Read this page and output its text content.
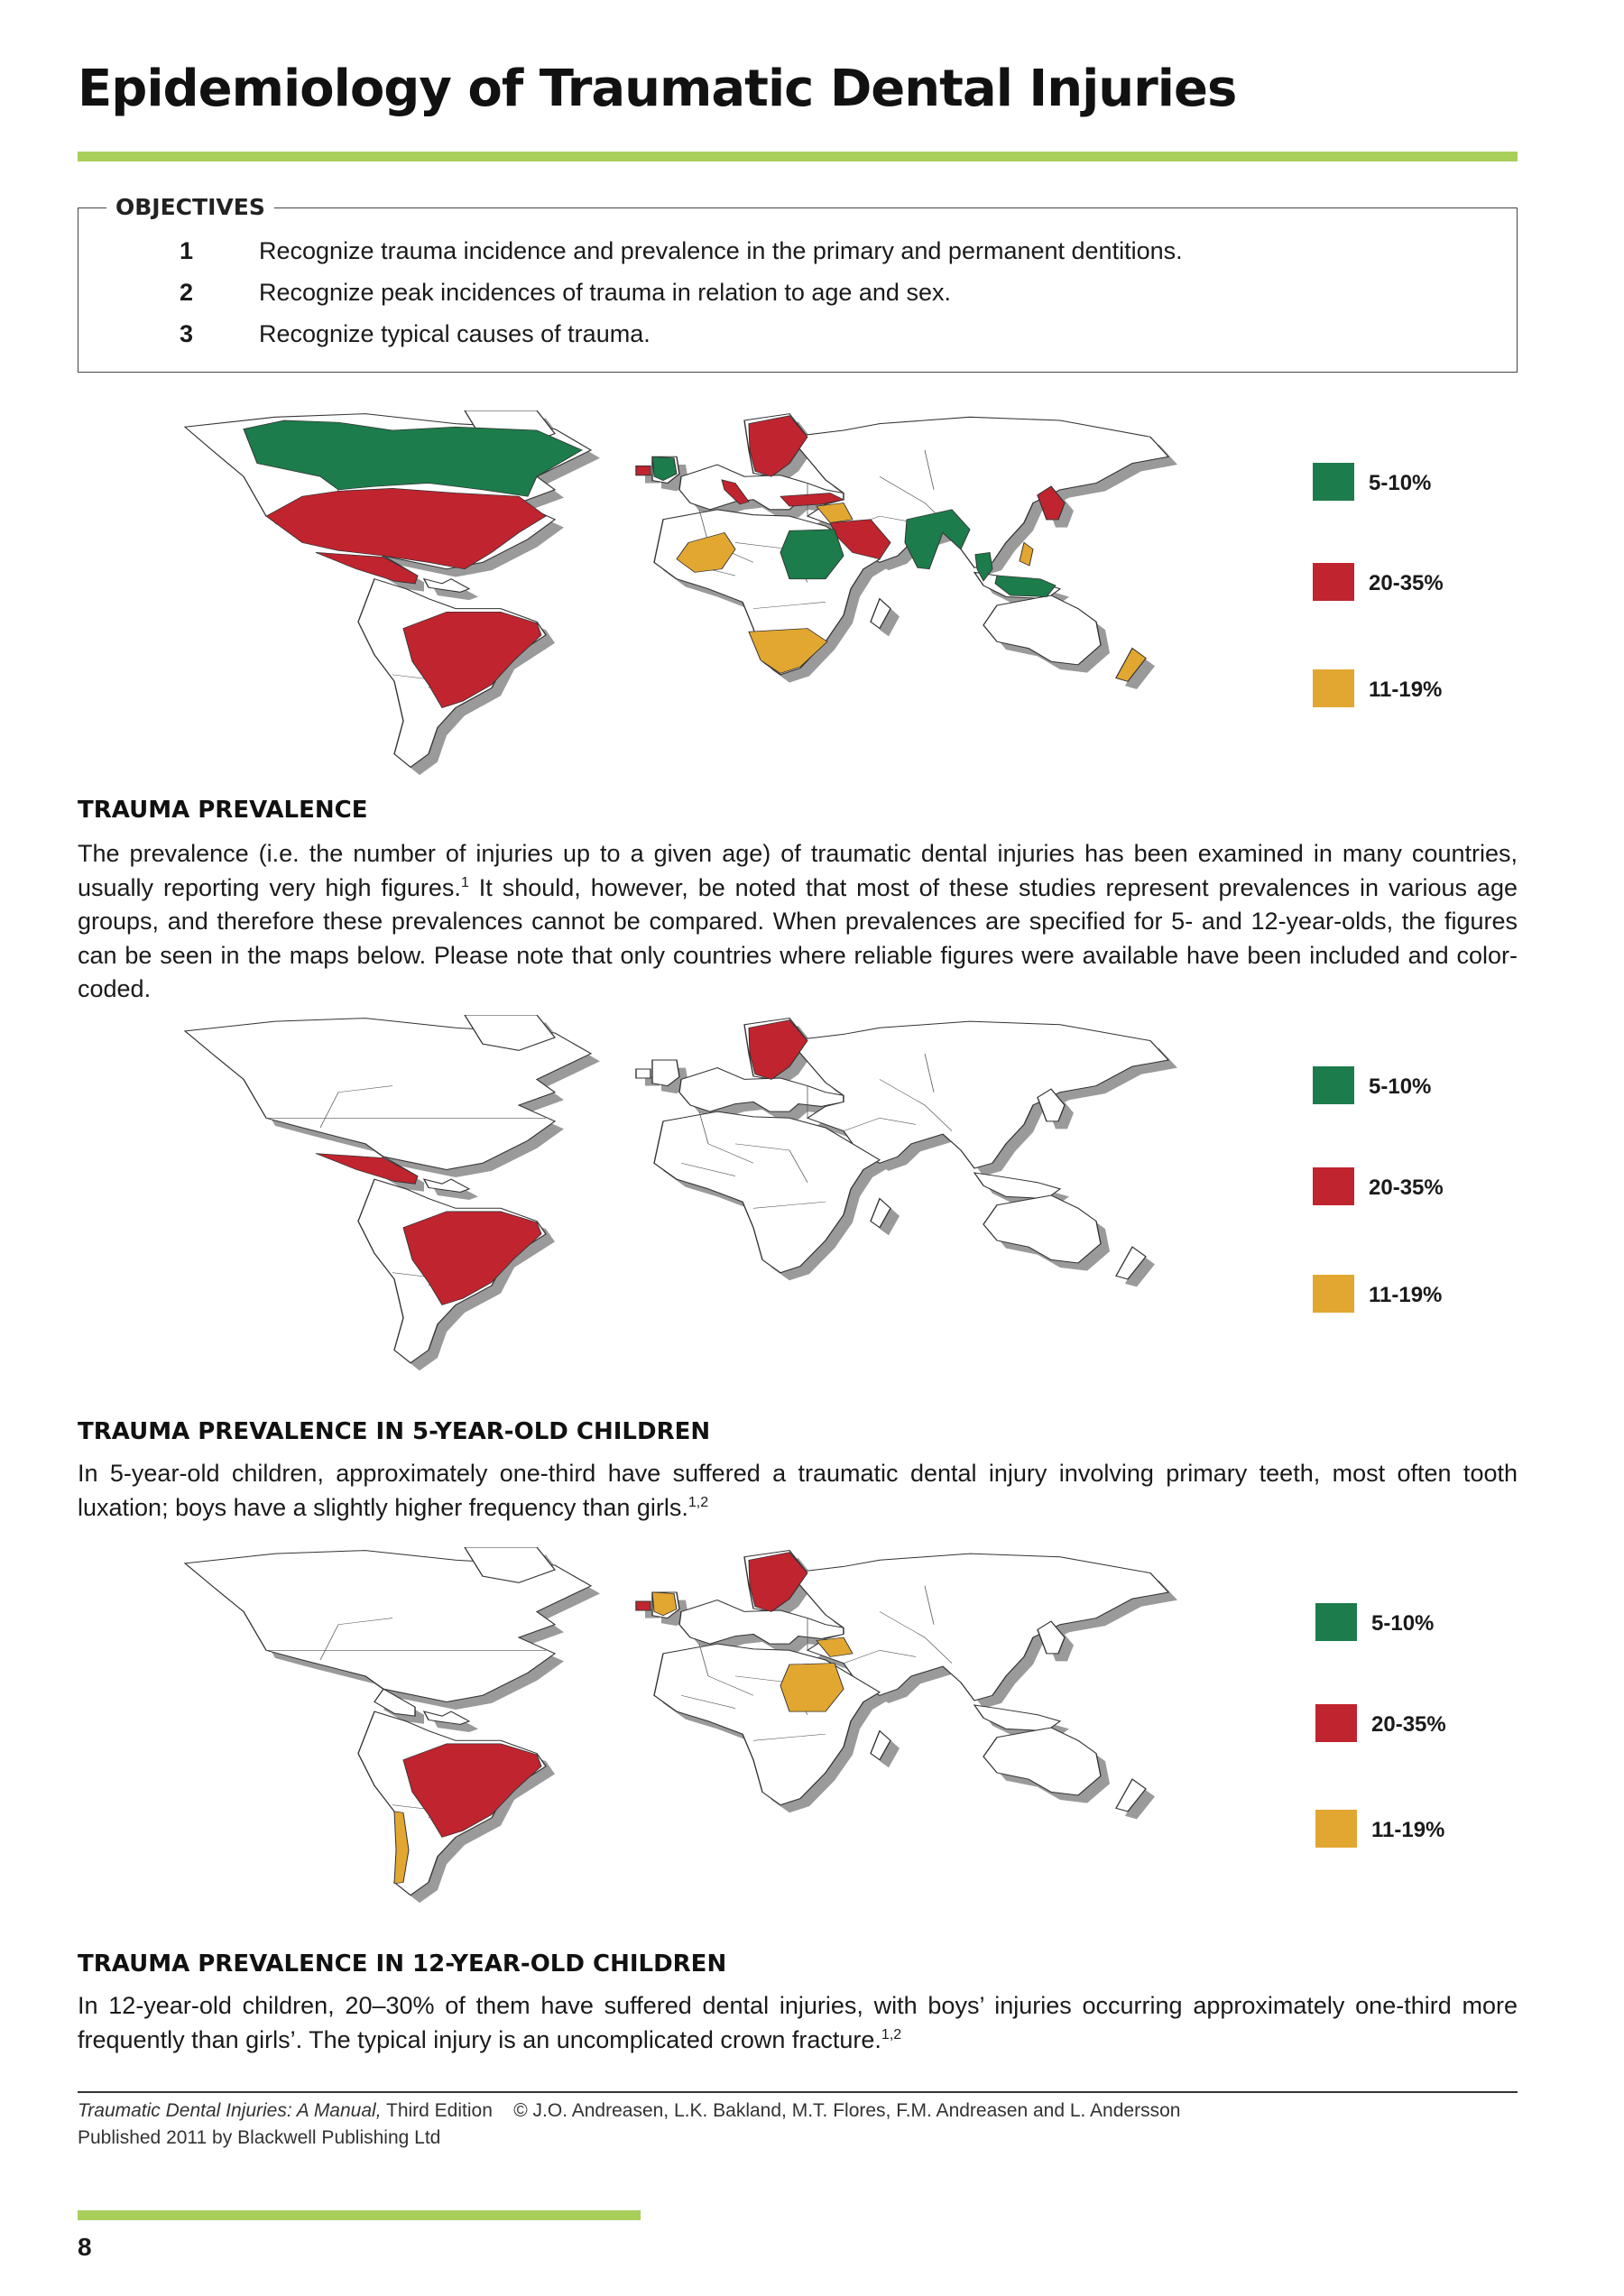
Epidemiology of Traumatic Dental Injuries
1	Recognize trauma incidence and prevalence in the primary and permanent dentitions.
2	Recognize peak incidences of trauma in relation to age and sex.
3	Recognize typical causes of trauma.
OBJECTIVES
5-10%
20-35%
11-19%
TRAUMA PREVALENCE

The prevalence (i.e. the number of injuries up to a given age) of traumatic dental injuries has been examined in many countries, usually reporting very high figures.$^1$ It should, however, be noted that most of these studies represent prevalences in various age groups, and therefore these prevalences cannot be compared. When prevalences are specified for 5- and 12-year-olds, the figures can be seen in the maps below. Please note that only countries where reliable figures were available have been included and color-coded.

5-10%
20-35%
11-19%
TRAUMA PREVALENCE IN 5-YEAR-OLD CHILDREN

In 5-year-old children, approximately one-third have suffered a traumatic dental injury involving primary teeth, most often tooth luxation; boys have a slightly higher frequency than girls.$^{1,2}$

5-10%
20-35%
11-19%
TRAUMA PREVALENCE IN 12-YEAR-OLD CHILDREN

In 12-year-old children, 20–30% of them have suffered dental injuries, with boys’ injuries occurring approximately one-third more frequently than girls’. The typical injury is an uncomplicated crown fracture.$^{1,2}$

Traumatic Dental Injuries: A Manual, Third Edition © J.O. Andreasen, L.K. Bakland, M.T. Flores, F.M. Andreasen and L. Andersson
Published 2011 by Blackwell Publishing Ltd
8
